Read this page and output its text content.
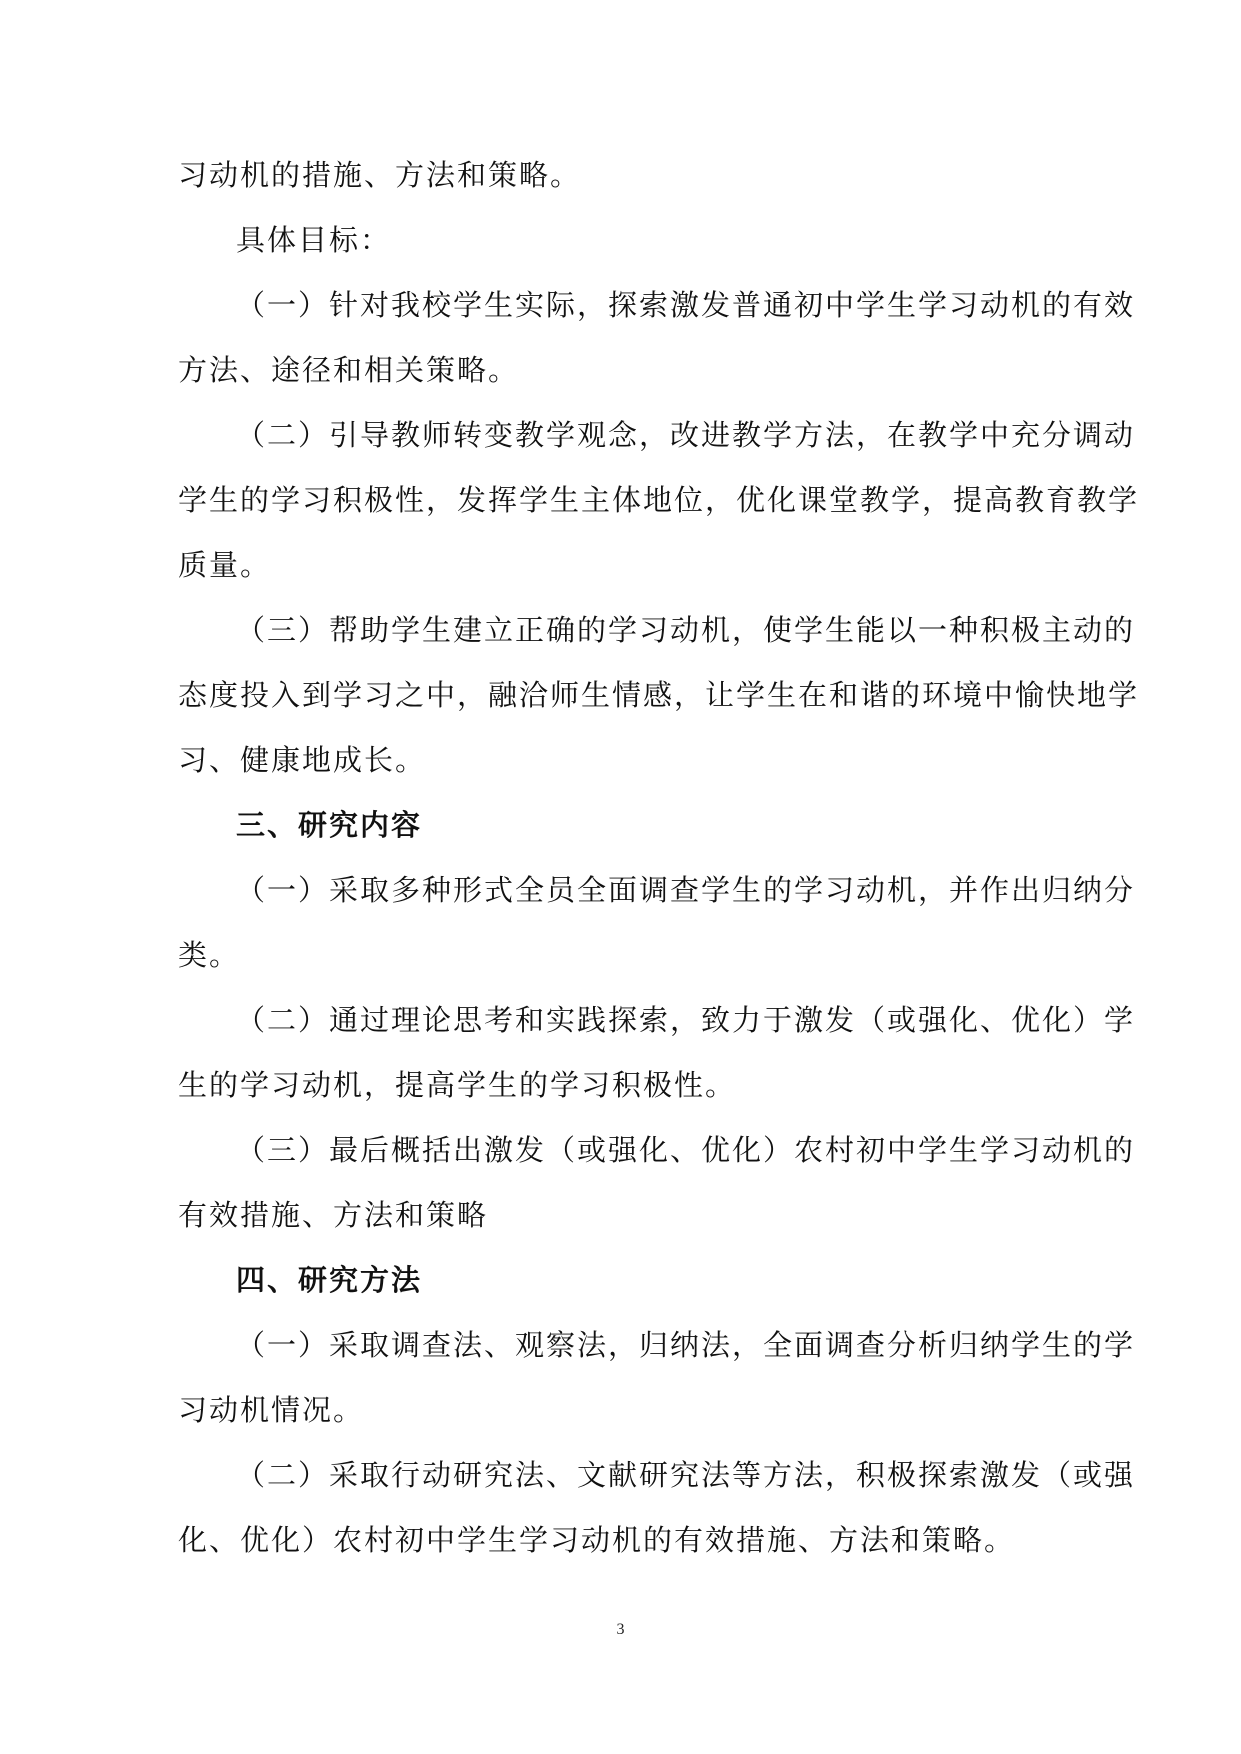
习动机的措施、方法和策略。
具体目标：
（一）针对我校学生实际，探索激发普通初中学生学习动机的有效
方法、途径和相关策略。
（二）引导教师转变教学观念，改进教学方法，在教学中充分调动
学生的学习积极性，发挥学生主体地位，优化课堂教学，提高教育教学
质量。
（三）帮助学生建立正确的学习动机，使学生能以一种积极主动的
态度投入到学习之中，融洽师生情感，让学生在和谐的环境中愉快地学
习、健康地成长。
三、研究内容
（一）采取多种形式全员全面调查学生的学习动机，并作出归纳分
类。
（二）通过理论思考和实践探索，致力于激发（或强化、优化）学
生的学习动机，提高学生的学习积极性。
（三）最后概括出激发（或强化、优化）农村初中学生学习动机的
有效措施、方法和策略
四、研究方法
（一）采取调查法、观察法，归纳法，全面调查分析归纳学生的学
习动机情况。
（二）采取行动研究法、文献研究法等方法，积极探索激发（或强
化、优化）农村初中学生学习动机的有效措施、方法和策略。
3
